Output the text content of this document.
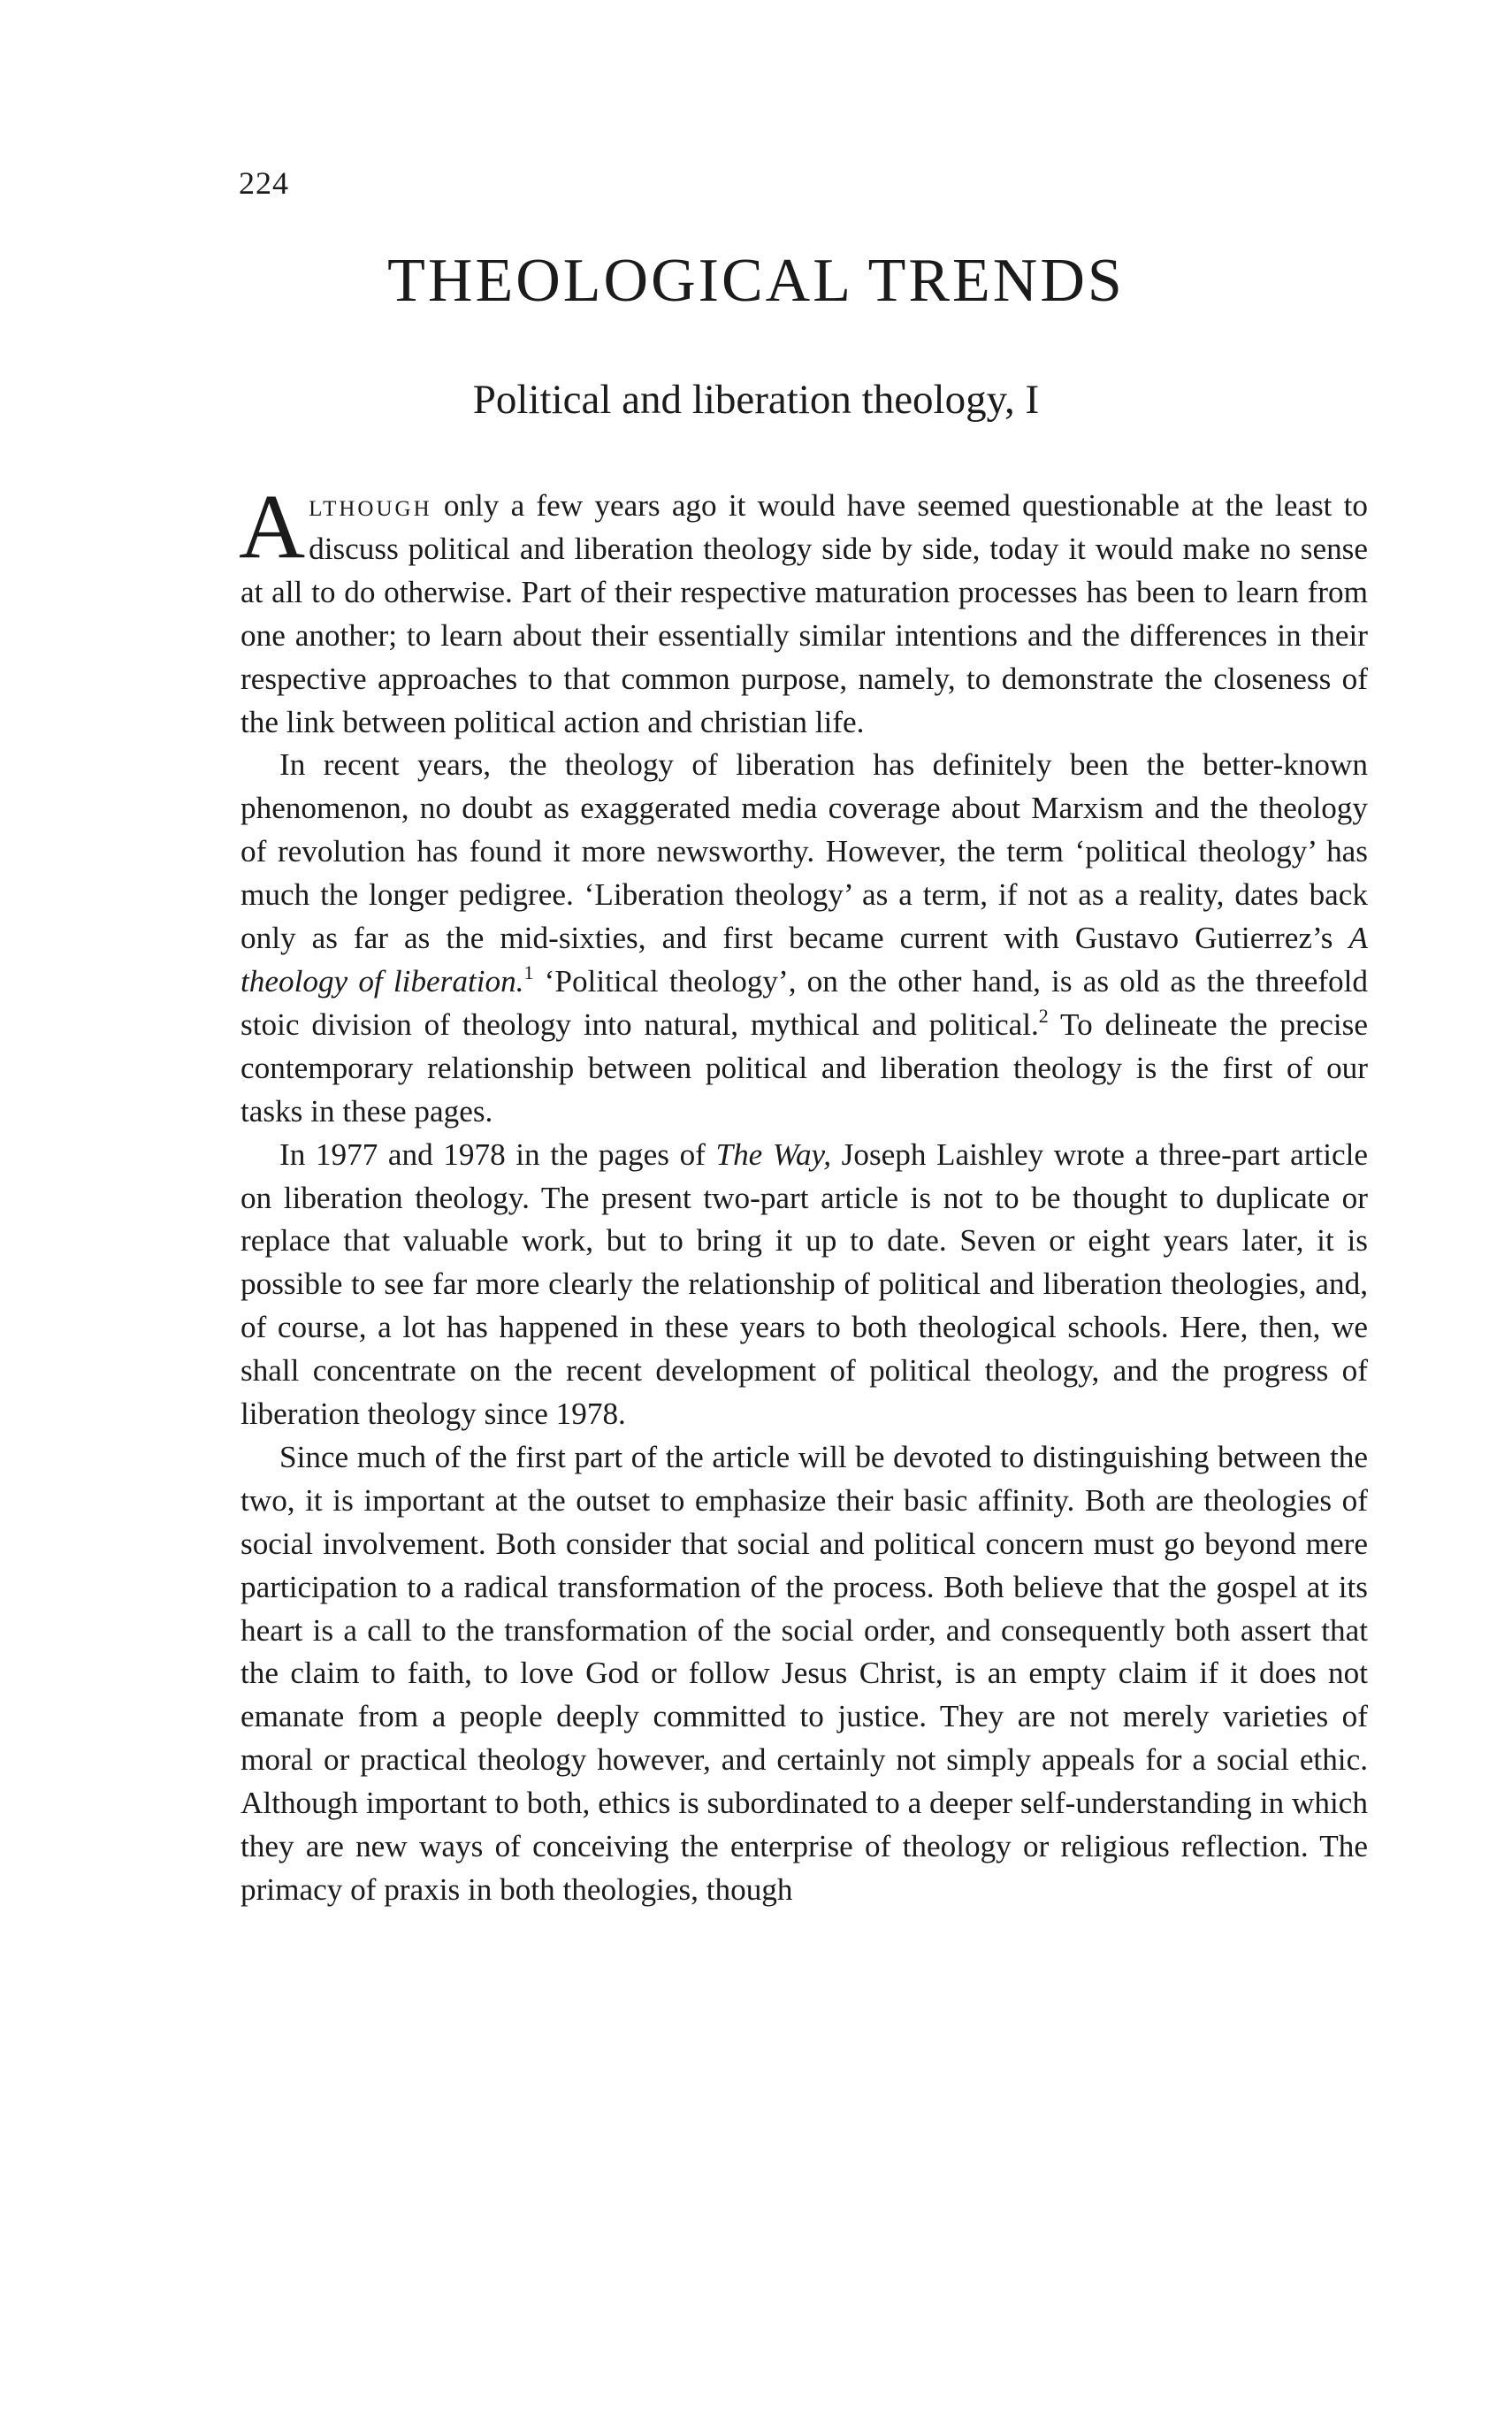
224
THEOLOGICAL TRENDS
Political and liberation theology, I

Although only a few years ago it would have seemed questionable at the least to discuss political and liberation theology side by side, today it would make no sense at all to do otherwise. Part of their respective maturation processes has been to learn from one another; to learn about their essentially similar intentions and the differences in their respective approaches to that common purpose, namely, to demonstrate the closeness of the link between political action and christian life.

In recent years, the theology of liberation has definitely been the better-known phenomenon, no doubt as exaggerated media coverage about Marxism and the theology of revolution has found it more newsworthy. However, the term ‘political theology’ has much the longer pedigree. ‘Liberation theology’ as a term, if not as a reality, dates back only as far as the mid-sixties, and first became current with Gustavo Gutierrez’s A theology of liberation.$^1$ ‘Political theology’, on the other hand, is as old as the threefold stoic division of theology into natural, mythical and political.$^2$ To delineate the precise contemporary relationship between political and liberation theology is the first of our tasks in these pages.

In 1977 and 1978 in the pages of The Way, Joseph Laishley wrote a three-part article on liberation theology. The present two-part article is not to be thought to duplicate or replace that valuable work, but to bring it up to date. Seven or eight years later, it is possible to see far more clearly the relationship of political and liberation theologies, and, of course, a lot has happened in these years to both theological schools. Here, then, we shall concentrate on the recent development of political theology, and the progress of liberation theology since 1978.

Since much of the first part of the article will be devoted to distinguishing between the two, it is important at the outset to emphasize their basic affinity. Both are theologies of social involvement. Both consider that social and political concern must go beyond mere participation to a radical transformation of the process. Both believe that the gospel at its heart is a call to the transformation of the social order, and consequently both assert that the claim to faith, to love God or follow Jesus Christ, is an empty claim if it does not emanate from a people deeply committed to justice. They are not merely varieties of moral or practical theology however, and certainly not simply appeals for a social ethic. Although important to both, ethics is subordinated to a deeper self-understanding in which they are new ways of conceiving the enterprise of theology or religious reflection. The primacy of praxis in both theologies, though
